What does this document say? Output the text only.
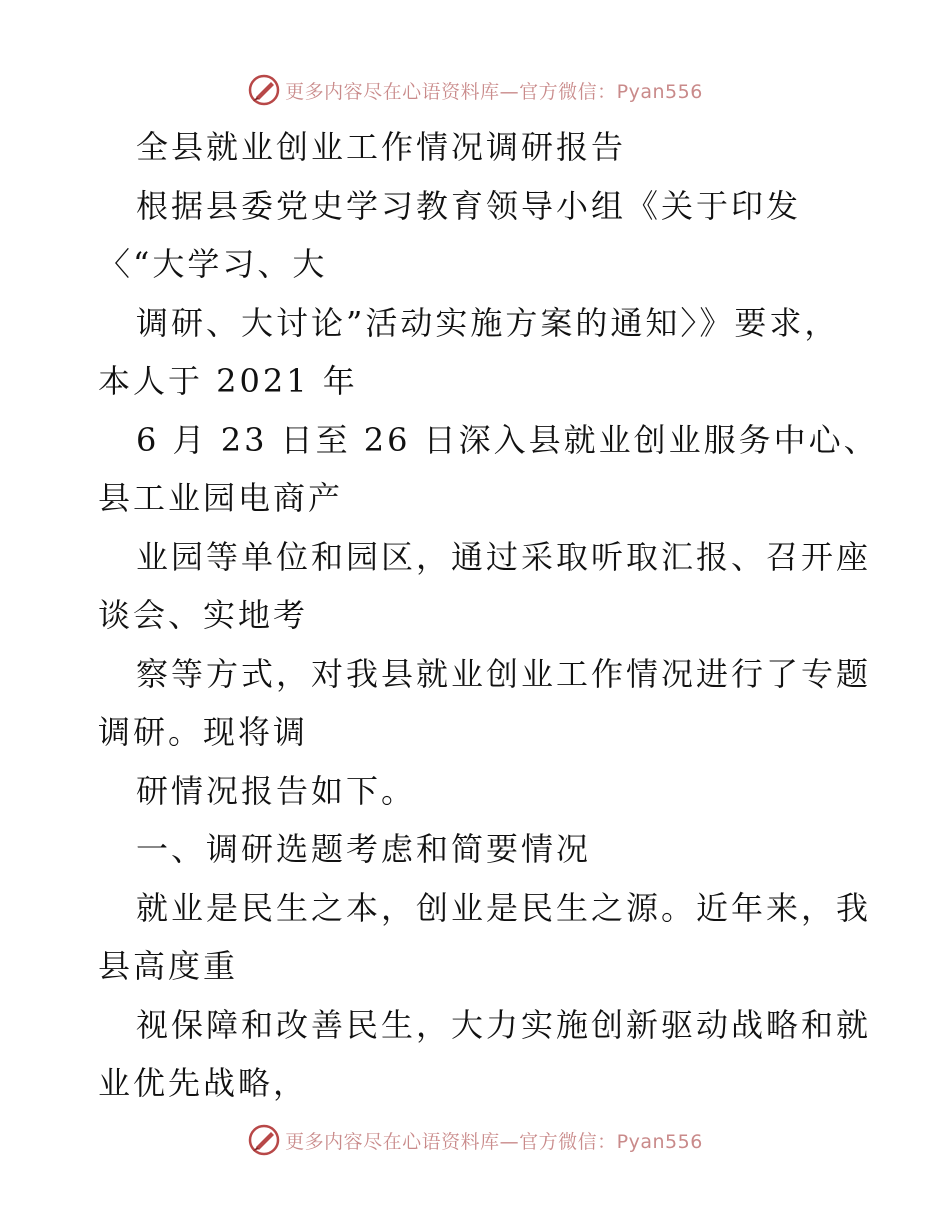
更多内容尽在心语资料库—官方微信：Pyan556
全县就业创业工作情况调研报告
根据县委党史学习教育领导小组《关于印发
〈“大学习、大
调研、大讨论”活动实施方案的通知〉》要求，
本人于 2021 年
6 月 23 日至 26 日深入县就业创业服务中心、
县工业园电商产
业园等单位和园区，通过采取听取汇报、召开座
谈会、实地考
察等方式，对我县就业创业工作情况进行了专题
调研。现将调
研情况报告如下。
一、调研选题考虑和简要情况
就业是民生之本，创业是民生之源。近年来，我
县高度重
视保障和改善民生，大力实施创新驱动战略和就
业优先战略，
更多内容尽在心语资料库—官方微信：Pyan556
